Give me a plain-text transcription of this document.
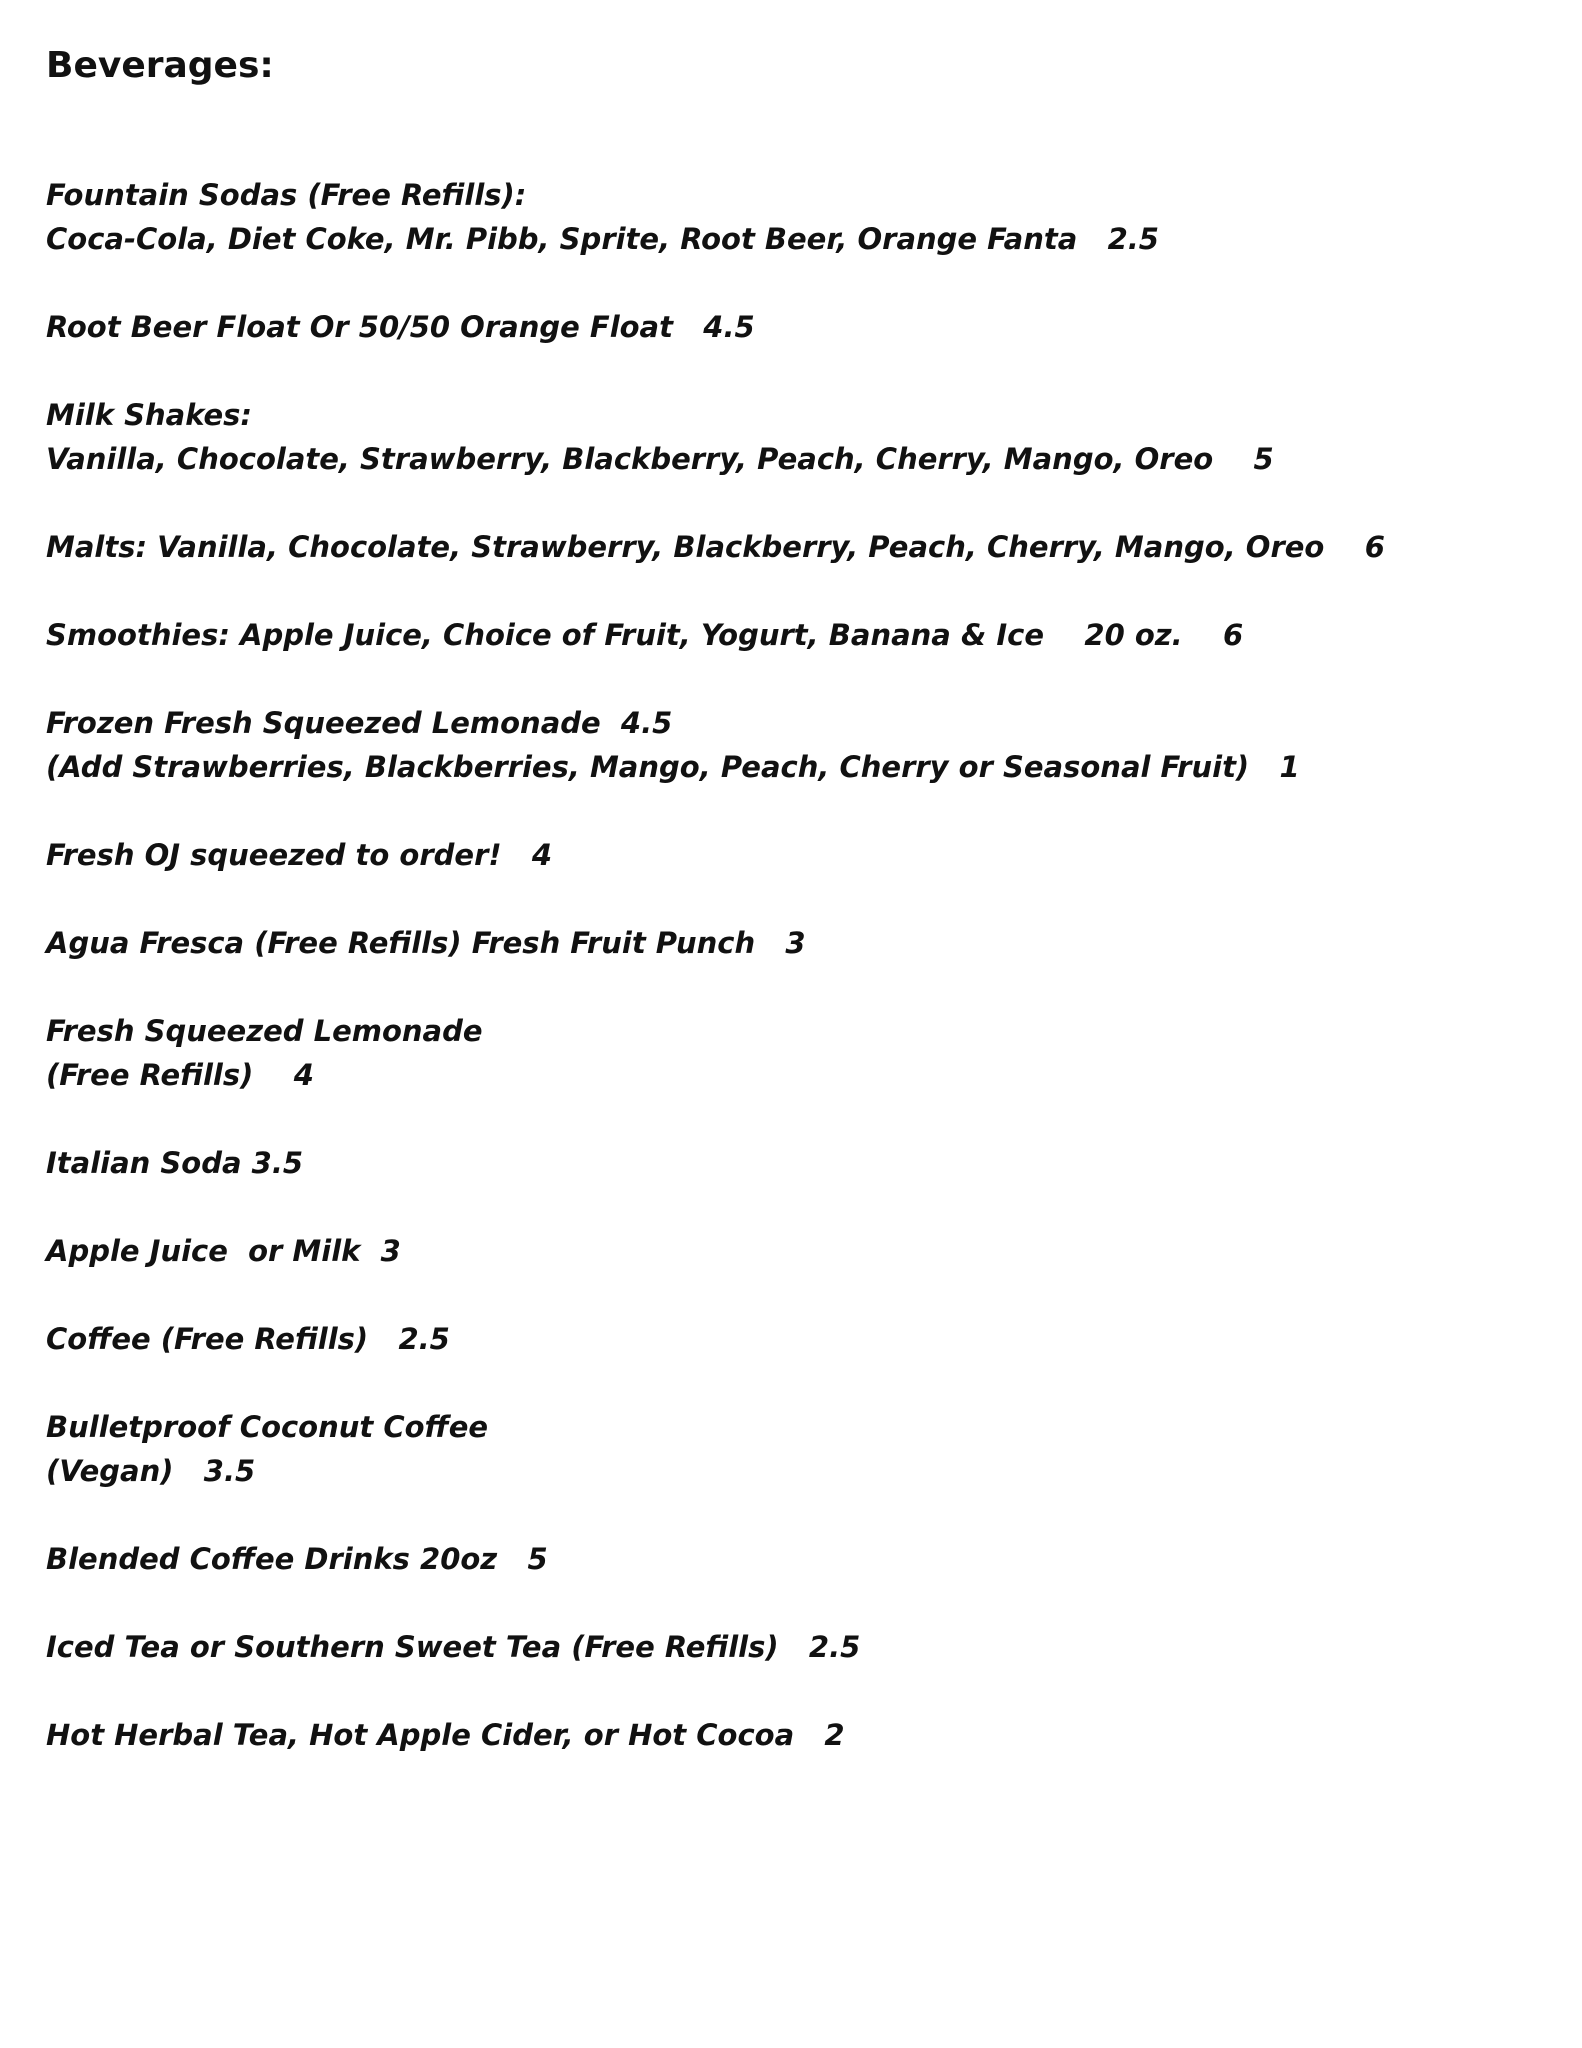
Beverages:

Fountain Sodas (Free Refills):

Coca-Cola, Diet Coke, Mr. Pibb, Sprite, Root Beer, Orange Fanta   2.5

Root Beer Float Or 50/50 Orange Float   4.5

Milk Shakes:

Vanilla, Chocolate, Strawberry, Blackberry, Peach, Cherry, Mango, Oreo    5

Malts: Vanilla, Chocolate, Strawberry, Blackberry, Peach, Cherry, Mango, Oreo    6

Smoothies: Apple Juice, Choice of Fruit, Yogurt, Banana & Ice    20 oz.    6

Frozen Fresh Squeezed Lemonade  4.5

(Add Strawberries, Blackberries, Mango, Peach, Cherry or Seasonal Fruit)   1

Fresh OJ squeezed to order!   4

Agua Fresca (Free Refills) Fresh Fruit Punch   3

Fresh Squeezed Lemonade

(Free Refills)    4

Italian Soda 3.5

Apple Juice  or Milk  3

Coffee (Free Refills)   2.5

Bulletproof Coconut Coffee

(Vegan)   3.5

Blended Coffee Drinks 20oz   5

Iced Tea or Southern Sweet Tea (Free Refills)   2.5

Hot Herbal Tea, Hot Apple Cider, or Hot Cocoa   2
